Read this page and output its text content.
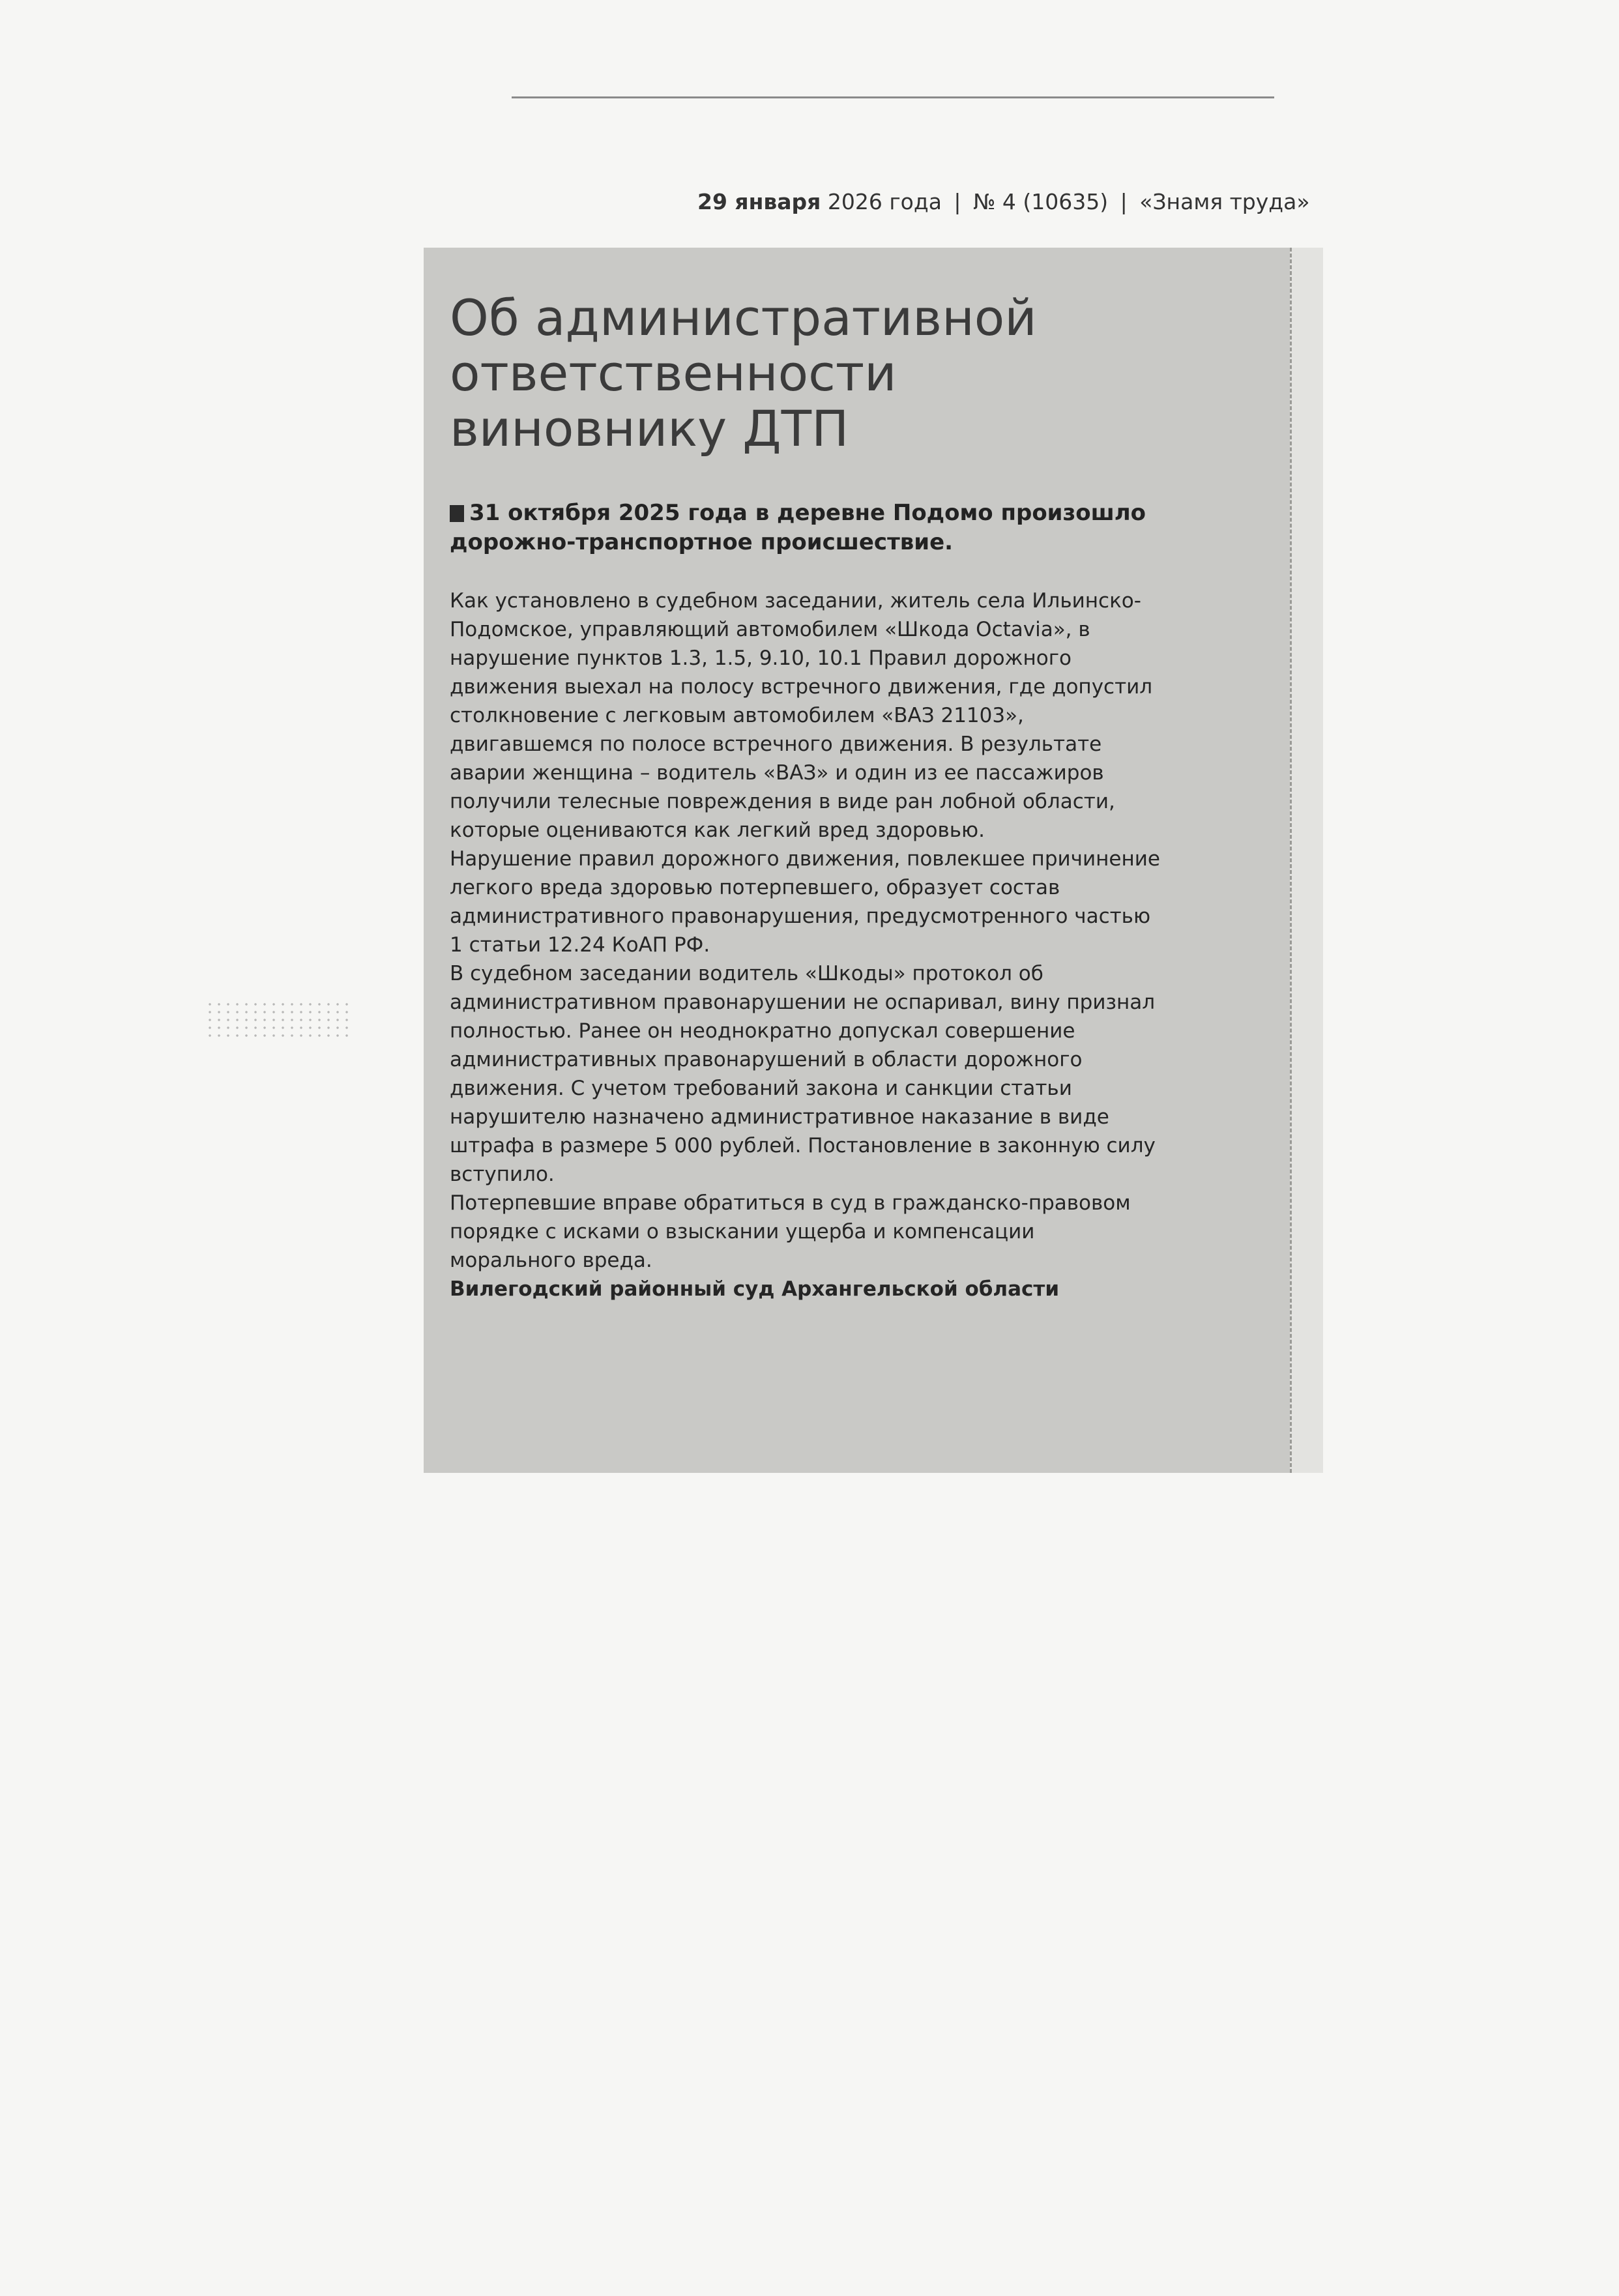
29 января 2026 года | № 4 (10635) | «Знамя труда»
Об административной ответственности виновнику ДТП

31 октября 2025 года в деревне Подомо произошло дорожно-транспортное происшествие.

Как установлено в судебном заседании, житель села Ильинско-Подомское, управляющий автомобилем «Шкода Octavia», в нарушение пунктов 1.3, 1.5, 9.10, 10.1 Правил дорожного движения выехал на полосу встречного движения, где допустил столкновение с легковым автомобилем «ВАЗ 21103», двигавшемся по полосе встречного движения. В результате аварии женщина – водитель «ВАЗ» и один из ее пассажиров получили телесные повреждения в виде ран лобной области, которые оцениваются как легкий вред здоровью.

Нарушение правил дорожного движения, повлекшее причинение легкого вреда здоровью потерпевшего, образует состав административного правонарушения, предусмотренного частью 1 статьи 12.24 КоАП РФ.

В судебном заседании водитель «Шкоды» протокол об административном правонарушении не оспаривал, вину признал полностью. Ранее он неоднократно допускал совершение административных правонарушений в области дорожного движения. С учетом требований закона и санкции статьи нарушителю назначено административное наказание в виде штрафа в размере 5 000 рублей. Постановление в законную силу вступило.

Потерпевшие вправе обратиться в суд в гражданско-правовом порядке с исками о взыскании ущерба и компенсации морального вреда.

Вилегодский районный суд Архангельской области
